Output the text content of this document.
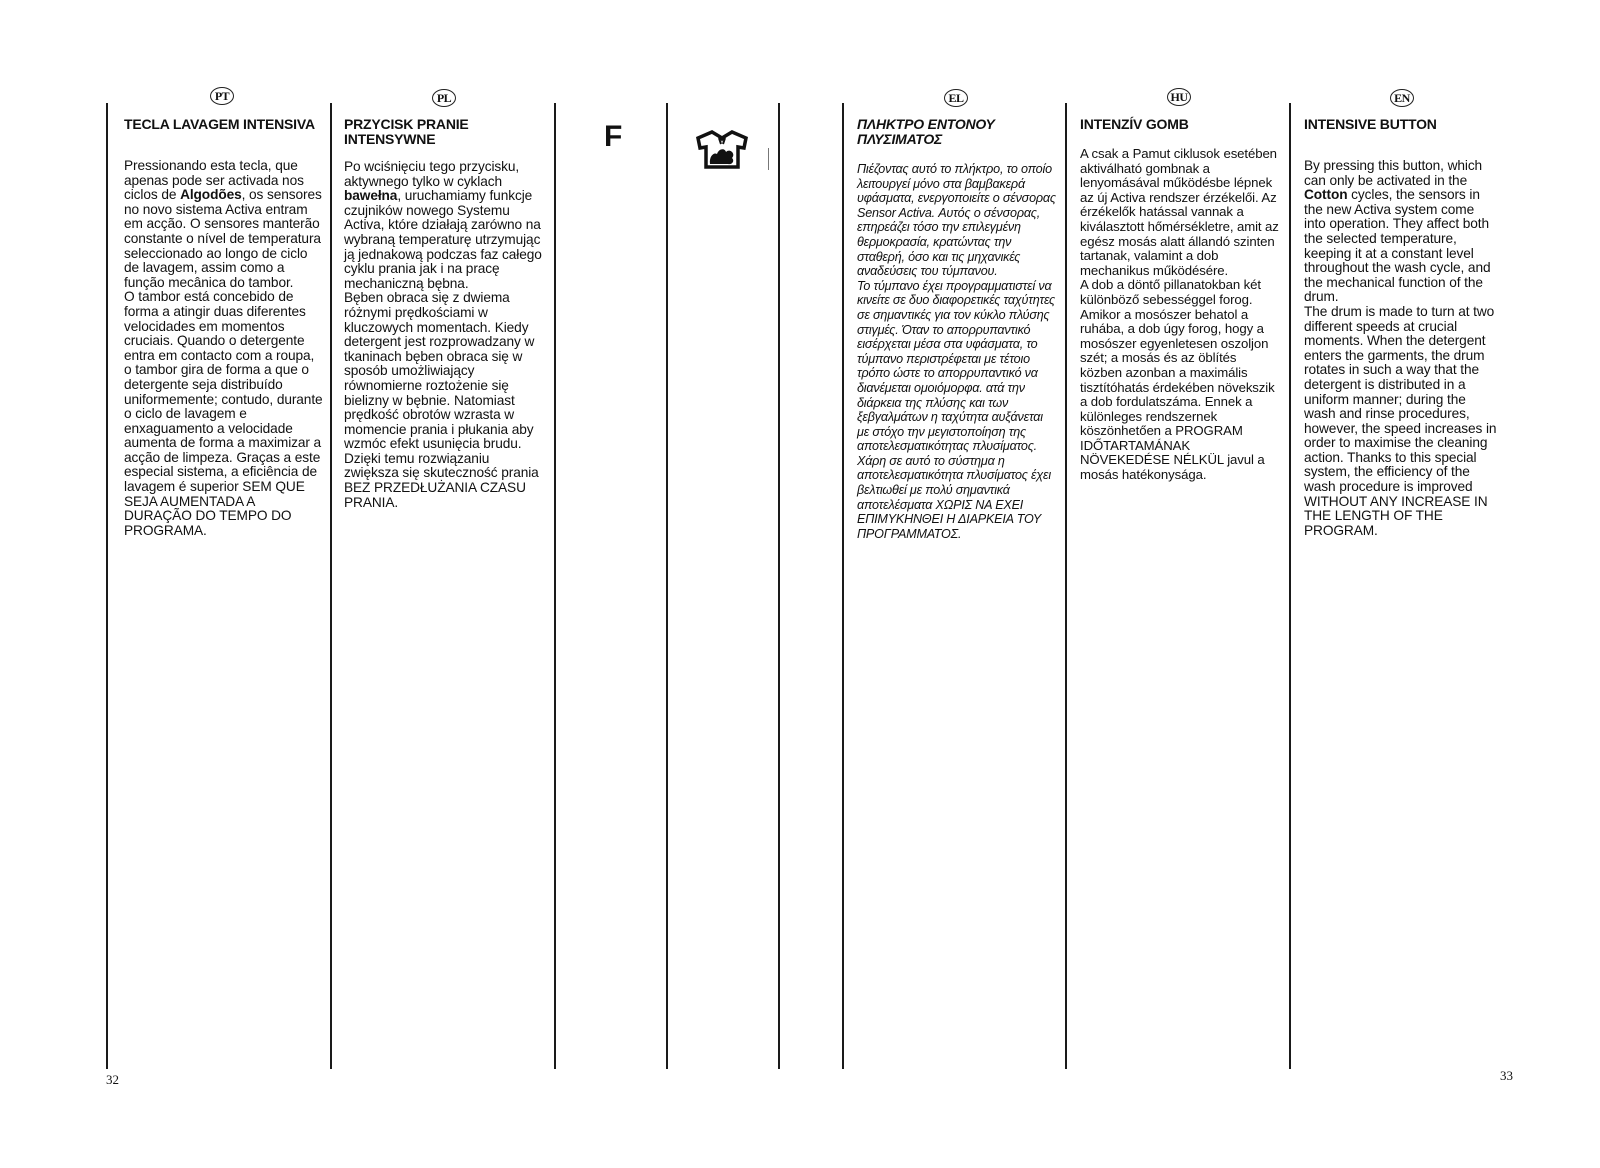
PT	PL	EL	HU	EN
F
TECLA LAVAGEM INTENSIVA

Pressionando esta tecla, que apenas pode ser activada nos ciclos de Algodões, os sensores no novo sistema Activa entram em acção. O sensores manterão constante o nível de temperatura seleccionado ao longo de ciclo de lavagem, assim como a função mecânica do tambor.

O tambor está concebido de forma a atingir duas diferentes velocidades em momentos cruciais. Quando o detergente entra em contacto com a roupa, o tambor gira de forma a que o detergente seja distribuído uniformemente; contudo, durante o ciclo de lavagem e enxaguamento a velocidade aumenta de forma a maximizar a acção de limpeza. Graças a este especial sistema, a eficiência de lavagem é superior SEM QUE SEJA AUMENTADA A DURAÇÃO DO TEMPO DO PROGRAMA.

PRZYCISK PRANIE INTENSYWNE

Po wciśnięciu tego przycisku, aktywnego tylko w cyklach bawełna, uruchamiamy funkcje czujników nowego Systemu Activa, które działają zarówno na wybraną temperaturę utrzymując ją jednakową podczas faz całego cyklu prania jak i na pracę mechaniczną bębna.

Bęben obraca się z dwiema różnymi prędkościami w kluczowych momentach. Kiedy detergent jest rozprowadzany w tkaninach bęben obraca się w sposób umożliwiający równomierne roztożenie się bielizny w bębnie. Natomiast prędkość obrotów wzrasta w momencie prania i płukania aby wzmóc efekt usunięcia brudu.

Dzięki temu rozwiązaniu zwiększa się skuteczność prania BEZ PRZEDŁUŻANIA CZASU PRANIA.

ΠΛΗΚΤΡΟ ΕΝΤΟΝΟΥ ΠΛΥΣΙΜΑΤΟΣ

Πιέζοντας αυτό το πλήκτρο, το οποίο λειτουργεί μόνο στα βαμβακερά υφάσματα, ενεργοποιείτε ο σένσορας Sensor Activa. Αυτός ο σένσορας, επηρεάζει τόσο την επιλεγμένη θερμοκρασία, κρατώντας την σταθερή, όσο και τις μηχανικές αναδεύσεις του τύμπανου.

Το τύμπανο έχει προγραμματιστεί να κινείτε σε δυο διαφορετικές ταχύτητες σε σημαντικές για τον κύκλο πλύσης στιγμές. Όταν το απορρυπαντικό εισέρχεται μέσα στα υφάσματα, το τύμπανο περιστρέφεται με τέτοιο τρόπο ώστε το απορρυπαντικό να διανέμεται ομοιόμορφα. ατά την διάρκεια της πλύσης και των ξεβγαλμάτων η ταχύτητα αυξάνεται με στόχο την μεγιστοποίηση της αποτελεσματικότητας πλυσίματος. Χάρη σε αυτό το σύστημα η αποτελεσματικότητα πλυσίματος έχει βελτιωθεί με πολύ σημαντικά αποτελέσματα ΧΩΡΙΣ ΝΑ ΕΧΕΙ ΕΠΙΜΥΚΗΝΘΕΙ Η ΔΙΑΡΚΕΙΑ ΤΟΥ ΠΡΟΓΡΑΜΜΑΤΟΣ.

INTENZÍV GOMB

A csak a Pamut ciklusok esetében aktiválható gombnak a lenyomásával működésbe lépnek az új Activa rendszer érzékelői. Az érzékelők hatással vannak a kiválasztott hőmérsékletre, amit az egész mosás alatt állandó szinten tartanak, valamint a dob mechanikus működésére.

A dob a döntő pillanatokban két különböző sebességgel forog. Amikor a mosószer behatol a ruhába, a dob úgy forog, hogy a mosószer egyenletesen oszoljon szét; a mosás és az öblítés közben azonban a maximális tisztítóhatás érdekében növekszik a dob fordulatszáma. Ennek a különleges rendszernek köszönhetően a PROGRAM IDŐTARTAMÁNAK NÖVEKEDÉSE NÉLKÜL javul a mosás hatékonysága.

INTENSIVE BUTTON

By pressing this button, which can only be activated in the Cotton cycles, the sensors in the new Activa system come into operation. They affect both the selected temperature, keeping it at a constant level throughout the wash cycle, and the mechanical function of the drum.

The drum is made to turn at two different speeds at crucial moments. When the detergent enters the garments, the drum rotates in such a way that the detergent is distributed in a uniform manner; during the wash and rinse procedures, however, the speed increases in order to maximise the cleaning action. Thanks to this special system, the efficiency of the wash procedure is improved WITHOUT ANY INCREASE IN THE LENGTH OF THE PROGRAM.

32	33
